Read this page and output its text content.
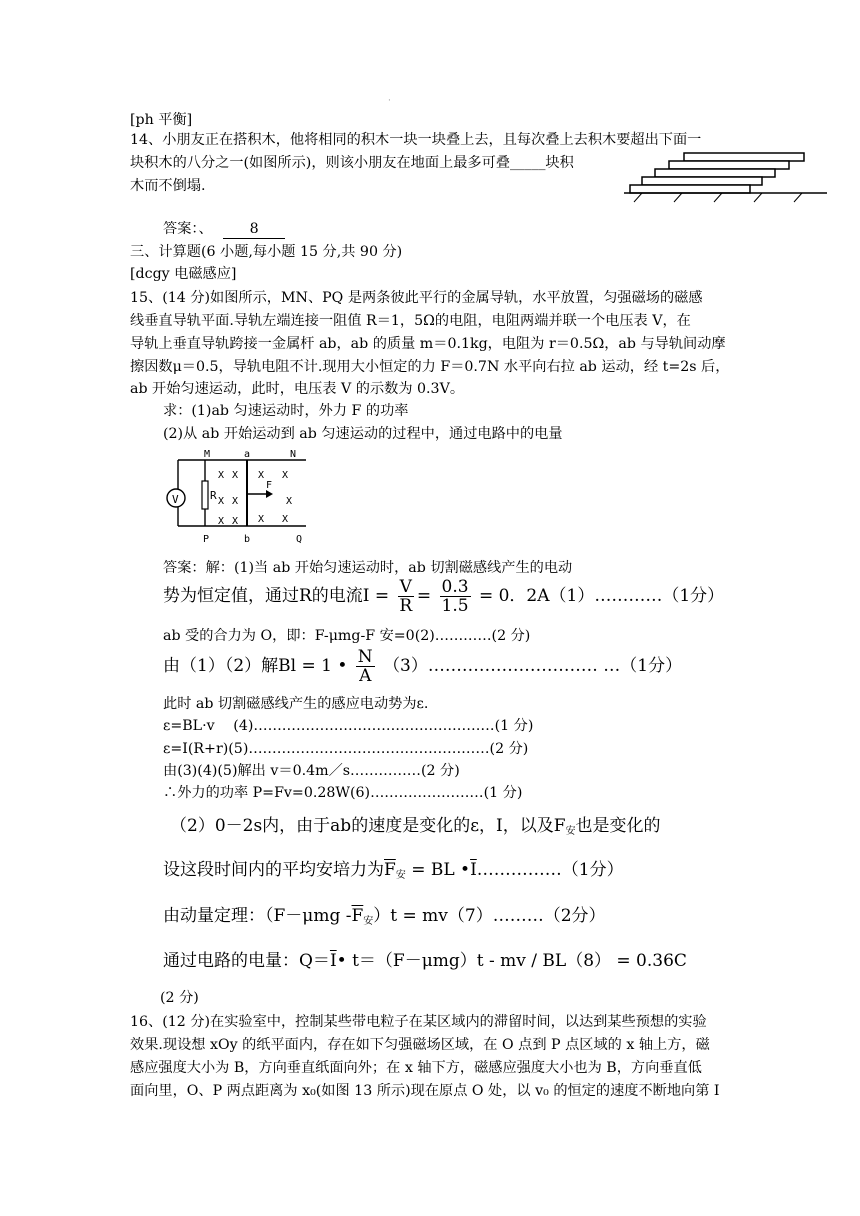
·
[ph 平衡]
14、小朋友正在搭积木，他将相同的积木一块一块叠上去，且每次叠上去积木要超出下面一
块积木的八分之一(如图所示)，则该小朋友在地面上最多可叠_____块积
木而不倒塌.
答案：、	8
三、计算题(6 小题,每小题 15 分,共 90 分)
[dcgy 电磁感应]
15、(14 分)如图所示，MN、PQ 是两条彼此平行的金属导轨，水平放置，匀强磁场的磁感
线垂直导轨平面.导轨左端连接一阻值 R＝1，5Ω的电阻，电阻两端并联一个电压表 V，在
导轨上垂直导轨跨接一金属杆 ab，ab 的质量 m＝0.1kg，电阻为 r＝0.5Ω，ab 与导轨间动摩
擦因数μ＝0.5，导轨电阻不计.现用大小恒定的力 F＝0.7N 水平向右拉 ab 运动，经 t=2s 后，
ab 开始匀速运动，此时，电压表 V 的示数为 0.3V。
求：(1)ab 匀速运动时，外力 F 的功率
(2)从 ab 开始运动到 ab 匀速运动的过程中，通过电路中的电量
V	R
F
M	a	N
P	b	Q
X X X X
X X	X
X X X X
答案：解：(1)当 ab 开始匀速运动时，ab 切割磁感线产生的电动
势为恒定值，通过R的电流$I = \frac{V}{R} = \frac{0.3}{1.5} = 0$．2A（1）…………（1分）
ab 受的合力为 O，即：F-μmg-F 安=0(2)…………(2 分)
由（1）（2）解Bl = 1 • $\frac{N}{A}$ （3）………………………… …（1分）
此时 ab 切割磁感线产生的感应电动势为ε.
ε=BL·v　 (4)……………………………………………(1 分)
ε=I(R+r)(5)……………………………………………(2 分)
由(3)(4)(5)解出 v＝0.4m／s……………(2 分)
∴外力的功率 P=Fv=0.28W(6)……………………(1 分)
（2）0－2s内，由于ab的速度是变化的ε，I，以及$F_安$也是变化的
设这段时间内的平均安培力为$\overline{F}_安$ = BL $•\overline{I}\dots\dots\dots\dots\dots(1$分）
由动量定理：（F－μmg $-\overline{F}_安)t$ = mv（7）………（2分）
通过电路的电量：$Q=\overline{I}•$ t＝（F－μmg）t - mv / BL（8） = 0.36C
(2 分)
16、(12 分)在实验室中，控制某些带电粒子在某区域内的滞留时间，以达到某些预想的实验
效果.现设想 xOy 的纸平面内，存在如下匀强磁场区域，在 O 点到 P 点区域的 x 轴上方，磁
感应强度大小为 B，方向垂直纸面向外；在 x 轴下方，磁感应强度大小也为 B，方向垂直低
面向里，O、P 两点距离为 x₀(如图 13 所示)现在原点 O 处，以 v₀ 的恒定的速度不断地向第 I
